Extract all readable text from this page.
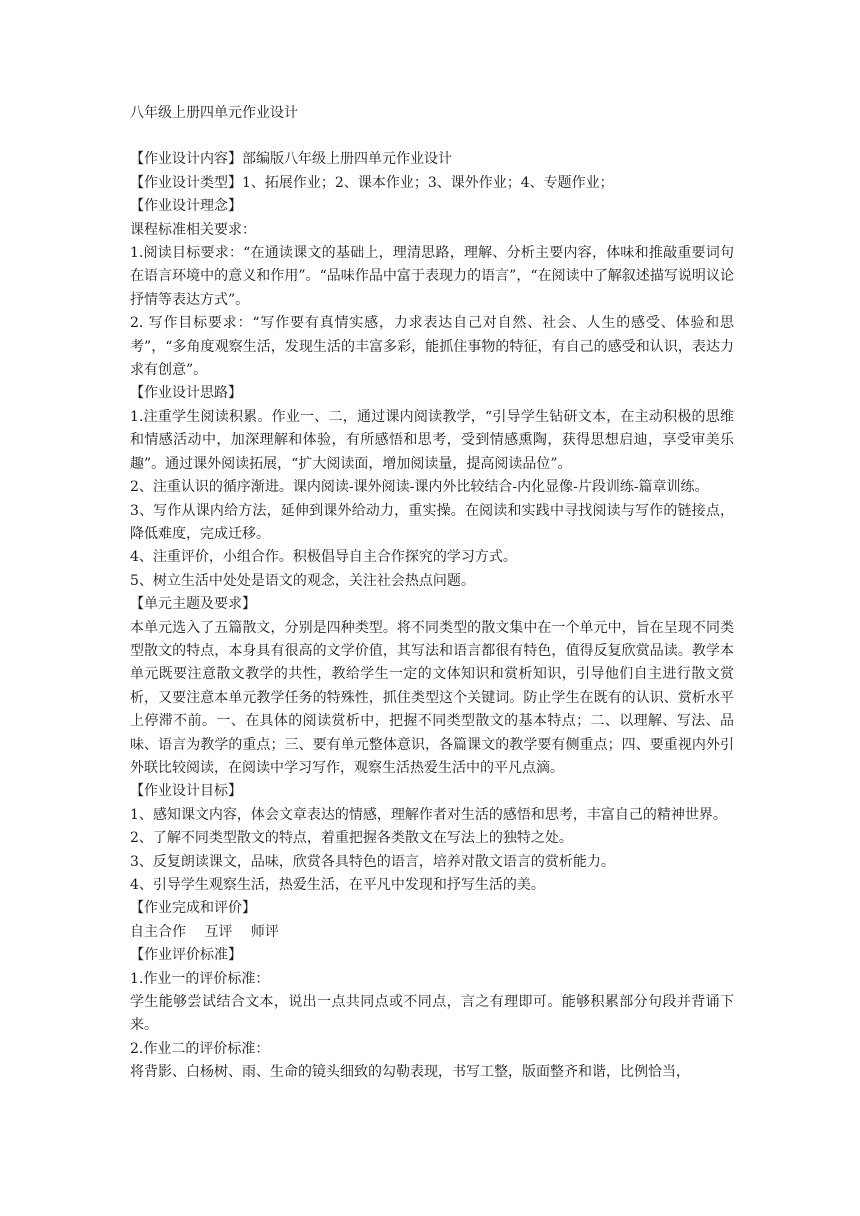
八年级上册四单元作业设计

【作业设计内容】部编版八年级上册四单元作业设计

【作业设计类型】1、拓展作业；2、课本作业；3、课外作业；4、专题作业；

【作业设计理念】

课程标准相关要求：

1.阅读目标要求：“在通读课文的基础上，理清思路，理解、分析主要内容，体味和推敲重要词句在语言环境中的意义和作用”。“品味作品中富于表现力的语言”，“在阅读中了解叙述描写说明议论抒情等表达方式”。

2. 写作目标要求：“写作要有真情实感，力求表达自己对自然、社会、人生的感受、体验和思考”，“多角度观察生活，发现生活的丰富多彩，能抓住事物的特征，有自己的感受和认识，表达力求有创意”。

【作业设计思路】

1.注重学生阅读积累。作业一、二，通过课内阅读教学，“引导学生钻研文本，在主动积极的思维和情感活动中，加深理解和体验，有所感悟和思考，受到情感熏陶，获得思想启迪，享受审美乐趣”。通过课外阅读拓展，“扩大阅读面，增加阅读量，提高阅读品位”。

2、注重认识的循序渐进。课内阅读-课外阅读-课内外比较结合-内化显像-片段训练-篇章训练。

3、写作从课内给方法，延伸到课外给动力，重实操。在阅读和实践中寻找阅读与写作的链接点，降低难度，完成迁移。

4、注重评价，小组合作。积极倡导自主合作探究的学习方式。

5、树立生活中处处是语文的观念，关注社会热点问题。

【单元主题及要求】

本单元选入了五篇散文，分别是四种类型。将不同类型的散文集中在一个单元中，旨在呈现不同类型散文的特点，本身具有很高的文学价值，其写法和语言都很有特色，值得反复欣赏品读。教学本单元既要注意散文教学的共性，教给学生一定的文体知识和赏析知识，引导他们自主进行散文赏析，又要注意本单元教学任务的特殊性，抓住类型这个关键词。防止学生在既有的认识、赏析水平上停滞不前。一、在具体的阅读赏析中，把握不同类型散文的基本特点；二、以理解、写法、品味、语言为教学的重点；三、要有单元整体意识，各篇课文的教学要有侧重点；四、要重视内外引外联比较阅读，在阅读中学习写作，观察生活热爱生活中的平凡点滴。

【作业设计目标】

1、感知课文内容，体会文章表达的情感，理解作者对生活的感悟和思考，丰富自己的精神世界。

2、了解不同类型散文的特点，着重把握各类散文在写法上的独特之处。

3、反复朗读课文，品味，欣赏各具特色的语言，培养对散文语言的赏析能力。

4、引导学生观察生活，热爱生活，在平凡中发现和抒写生活的美。

【作业完成和评价】

自主合作　 互评　 师评

【作业评价标准】

1.作业一的评价标准：

学生能够尝试结合文本，说出一点共同点或不同点，言之有理即可。能够积累部分句段并背诵下来。

2.作业二的评价标准：

将背影、白杨树、雨、生命的镜头细致的勾勒表现，书写工整，版面整齐和谐，比例恰当，
